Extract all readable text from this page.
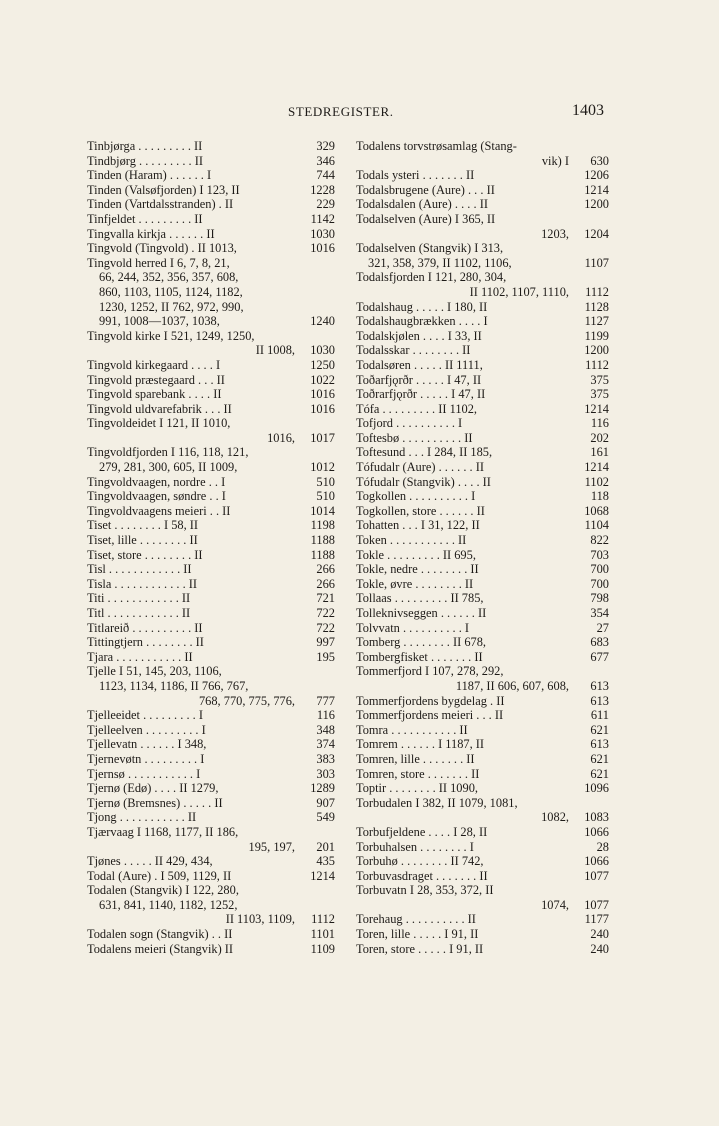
STEDREGISTER.	1403
Tinbjørga . . . . . . . . . II	329
Tindbjørg . . . . . . . . . II	346
Tinden (Haram) . . . . . . I	744
Tinden (Valsøfjorden) I 123, II	1228
Tinden (Vartdalsstranden) . II	229
Tinfjeldet . . . . . . . . . II	1142
Tingvalla kirkja . . . . . . II	1030
Tingvold (Tingvold) . II 1013,	1016
Tingvold herred I 6, 7, 8, 21,
66, 244, 352, 356, 357, 608,
860, 1103, 1105, 1124, 1182,
1230, 1252, II 762, 972, 990,
991, 1008—1037, 1038,	1240
Tingvold kirke I 521, 1249, 1250,
II 1008,	1030
Tingvold kirkegaard . . . . I	1250
Tingvold præstegaard . . . II	1022
Tingvold sparebank . . . . II	1016
Tingvold uldvarefabrik . . . II	1016
Tingvoldeidet I 121, II 1010,
1016,	1017
Tingvoldfjorden I 116, 118, 121,
279, 281, 300, 605, II 1009,	1012
Tingvoldvaagen, nordre . . I	510
Tingvoldvaagen, søndre . . I	510
Tingvoldvaagens meieri . . II	1014
Tiset . . . . . . . . I 58, II	1198
Tiset, lille . . . . . . . . II	1188
Tiset, store . . . . . . . . II	1188
Tisl . . . . . . . . . . . . II	266
Tisla . . . . . . . . . . . . II	266
Titi . . . . . . . . . . . . II	721
Titl . . . . . . . . . . . . II	722
Titlareið . . . . . . . . . . II	722
Tittingtjern . . . . . . . . II	997
Tjara . . . . . . . . . . . II	195
Tjelle I 51, 145, 203, 1106,
1123, 1134, 1186, II 766, 767,
768, 770, 775, 776,	777
Tjelleeidet . . . . . . . . . I	116
Tjelleelven . . . . . . . . . I	348
Tjellevatn . . . . . . I 348,	374
Tjernevøtn . . . . . . . . . I	383
Tjernsø . . . . . . . . . . . I	303
Tjernø (Edø) . . . . II 1279,	1289
Tjernø (Bremsnes) . . . . . II	907
Tjong . . . . . . . . . . . II	549
Tjærvaag I 1168, 1177, II 186,
195, 197,	201
Tjønes . . . . . II 429, 434,	435
Todal (Aure) . I 509, 1129, II	1214
Todalen (Stangvik) I 122, 280,
631, 841, 1140, 1182, 1252,
II 1103, 1109,	1112
Todalen sogn (Stangvik) . . II	1101
Todalens meieri (Stangvik) II	1109
Todalens torvstrøsamlag (Stang-
vik) I	630
Todals ysteri . . . . . . . II	1206
Todalsbrugene (Aure) . . . II	1214
Todalsdalen (Aure) . . . . II	1200
Todalselven (Aure) I 365, II
1203,	1204
Todalselven (Stangvik) I 313,
321, 358, 379, II 1102, 1106,	1107
Todalsfjorden I 121, 280, 304,
II 1102, 1107, 1110,	1112
Todalshaug . . . . . I 180, II	1128
Todalshaugbrækken . . . . I	1127
Todalskjølen . . . . I 33, II	1199
Todalsskar . . . . . . . . II	1200
Todalsøren . . . . . II 1111,	1112
Toðarfjǫrðr . . . . . I 47, II	375
Toðrarfjǫrðr . . . . . I 47, II	375
Tófa . . . . . . . . . II 1102,	1214
Tofjord . . . . . . . . . . I	116
Toftesbø . . . . . . . . . . II	202
Toftesund . . . I 284, II 185,	161
Tófudalr (Aure) . . . . . . II	1214
Tófudalr (Stangvik) . . . . II	1102
Togkollen . . . . . . . . . . I	118
Togkollen, store . . . . . . II	1068
Tohatten . . . I 31, 122, II	1104
Token . . . . . . . . . . . II	822
Tokle . . . . . . . . . II 695,	703
Tokle, nedre . . . . . . . . II	700
Tokle, øvre . . . . . . . . II	700
Tollaas . . . . . . . . . II 785,	798
Tolleknivseggen . . . . . . II	354
Tolvvatn . . . . . . . . . . I	27
Tomberg . . . . . . . . II 678,	683
Tombergfisket . . . . . . . II	677
Tommerfjord I 107, 278, 292,
1187, II 606, 607, 608,	613
Tommerfjordens bygdelag . II	613
Tommerfjordens meieri . . . II	611
Tomra . . . . . . . . . . . II	621
Tomrem . . . . . . I 1187, II	613
Tomren, lille . . . . . . . II	621
Tomren, store . . . . . . . II	621
Toptir . . . . . . . . II 1090,	1096
Torbudalen I 382, II 1079, 1081,
1082,	1083
Torbufjeldene . . . . I 28, II	1066
Torbuhalsen . . . . . . . . I	28
Torbuhø . . . . . . . . II 742,	1066
Torbuvasdraget . . . . . . . II	1077
Torbuvatn I 28, 353, 372, II
1074,	1077
Torehaug . . . . . . . . . . II	1177
Toren, lille . . . . . I 91, II	240
Toren, store . . . . . I 91, II	240
